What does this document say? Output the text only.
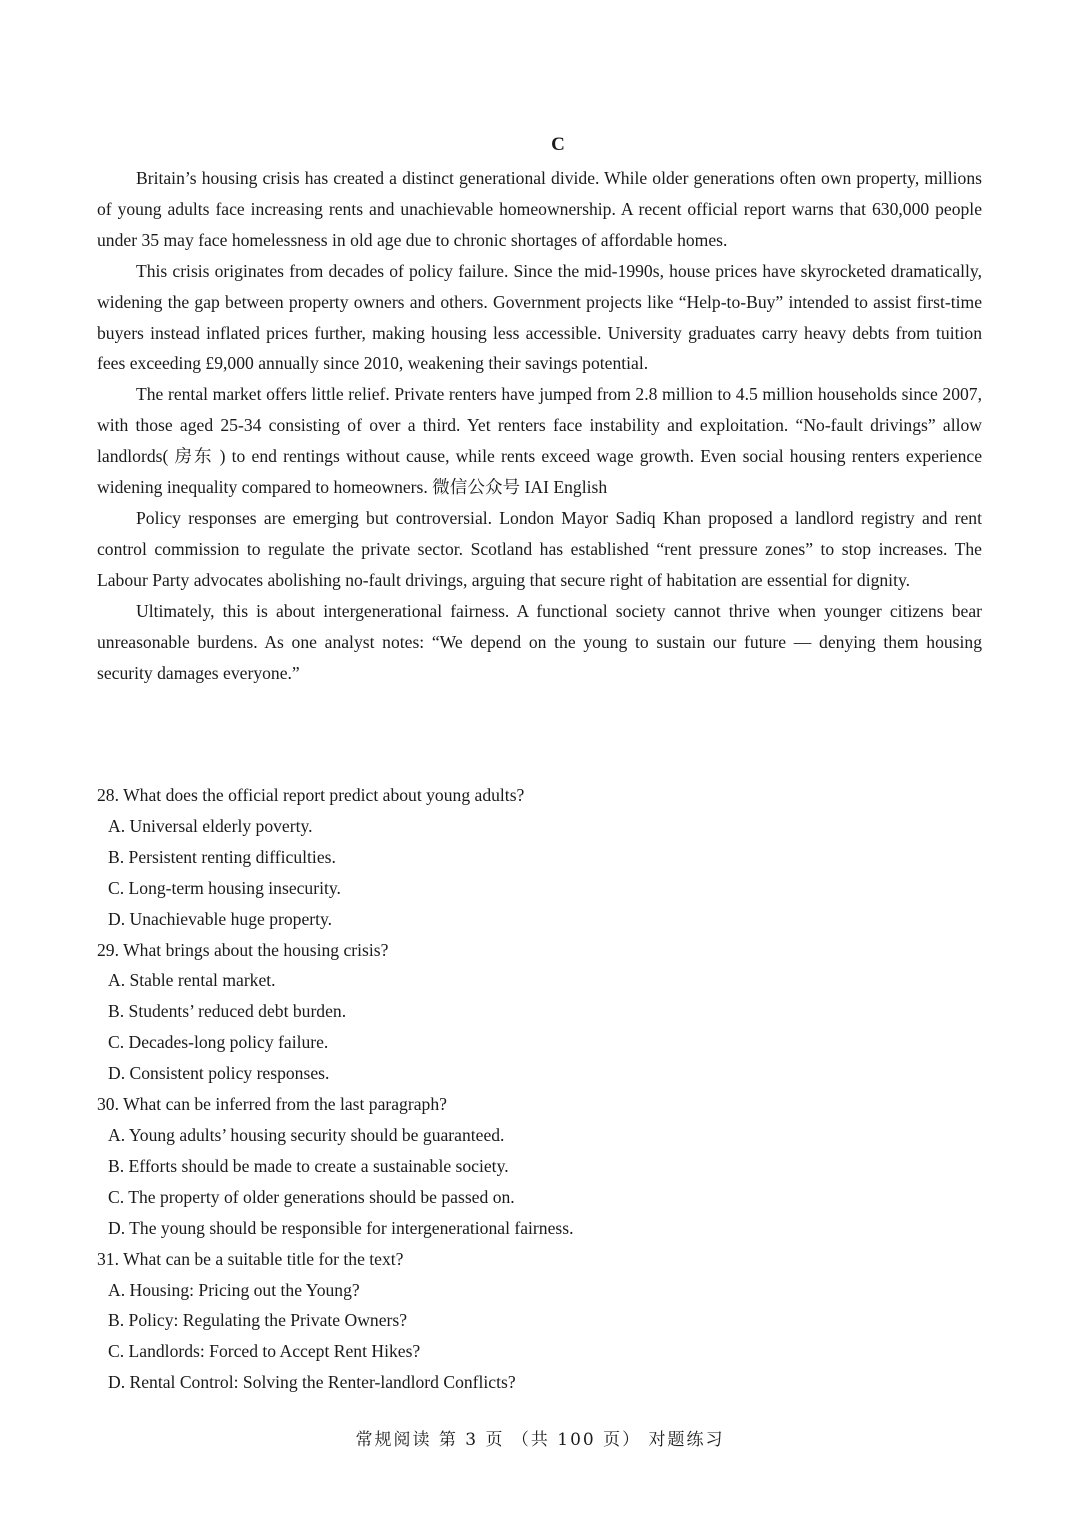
C

Britain’s housing crisis has created a distinct generational divide. While older generations often own property, millions of young adults face increasing rents and unachievable homeownership. A recent official report warns that 630,000 people under 35 may face homelessness in old age due to chronic shortages of affordable homes.

This crisis originates from decades of policy failure. Since the mid-1990s, house prices have skyrocketed dramatically, widening the gap between property owners and others. Government projects like “Help-to-Buy” intended to assist first-time buyers instead inflated prices further, making housing less accessible. University graduates carry heavy debts from tuition fees exceeding £9,000 annually since 2010, weakening their savings potential.

The rental market offers little relief. Private renters have jumped from 2.8 million to 4.5 million households since 2007, with those aged 25-34 consisting of over a third. Yet renters face instability and exploitation. “No-fault drivings” allow landlords( 房东 ) to end rentings without cause, while rents exceed wage growth. Even social housing renters experience widening inequality compared to homeowners. 微信公众号 IAI English

Policy responses are emerging but controversial. London Mayor Sadiq Khan proposed a landlord registry and rent control commission to regulate the private sector. Scotland has established “rent pressure zones” to stop increases. The Labour Party advocates abolishing no-fault drivings, arguing that secure right of habitation are essential for dignity.

Ultimately, this is about intergenerational fairness. A functional society cannot thrive when younger citizens bear unreasonable burdens. As one analyst notes: “We depend on the young to sustain our future — denying them housing security damages everyone.”

28. What does the official report predict about young adults?

A. Universal elderly poverty.

B. Persistent renting difficulties.

C. Long-term housing insecurity.

D. Unachievable huge property.

29. What brings about the housing crisis?

A. Stable rental market.

B. Students’ reduced debt burden.

C. Decades-long policy failure.

D. Consistent policy responses.

30. What can be inferred from the last paragraph?

A. Young adults’ housing security should be guaranteed.

B. Efforts should be made to create a sustainable society.

C. The property of older generations should be passed on.

D. The young should be responsible for intergenerational fairness.

31. What can be a suitable title for the text?

A. Housing: Pricing out the Young?

B. Policy: Regulating the Private Owners?

C. Landlords: Forced to Accept Rent Hikes?

D. Rental Control: Solving the Renter-landlord Conflicts?

常规阅读 第 3 页 （共 100 页） 对题练习
